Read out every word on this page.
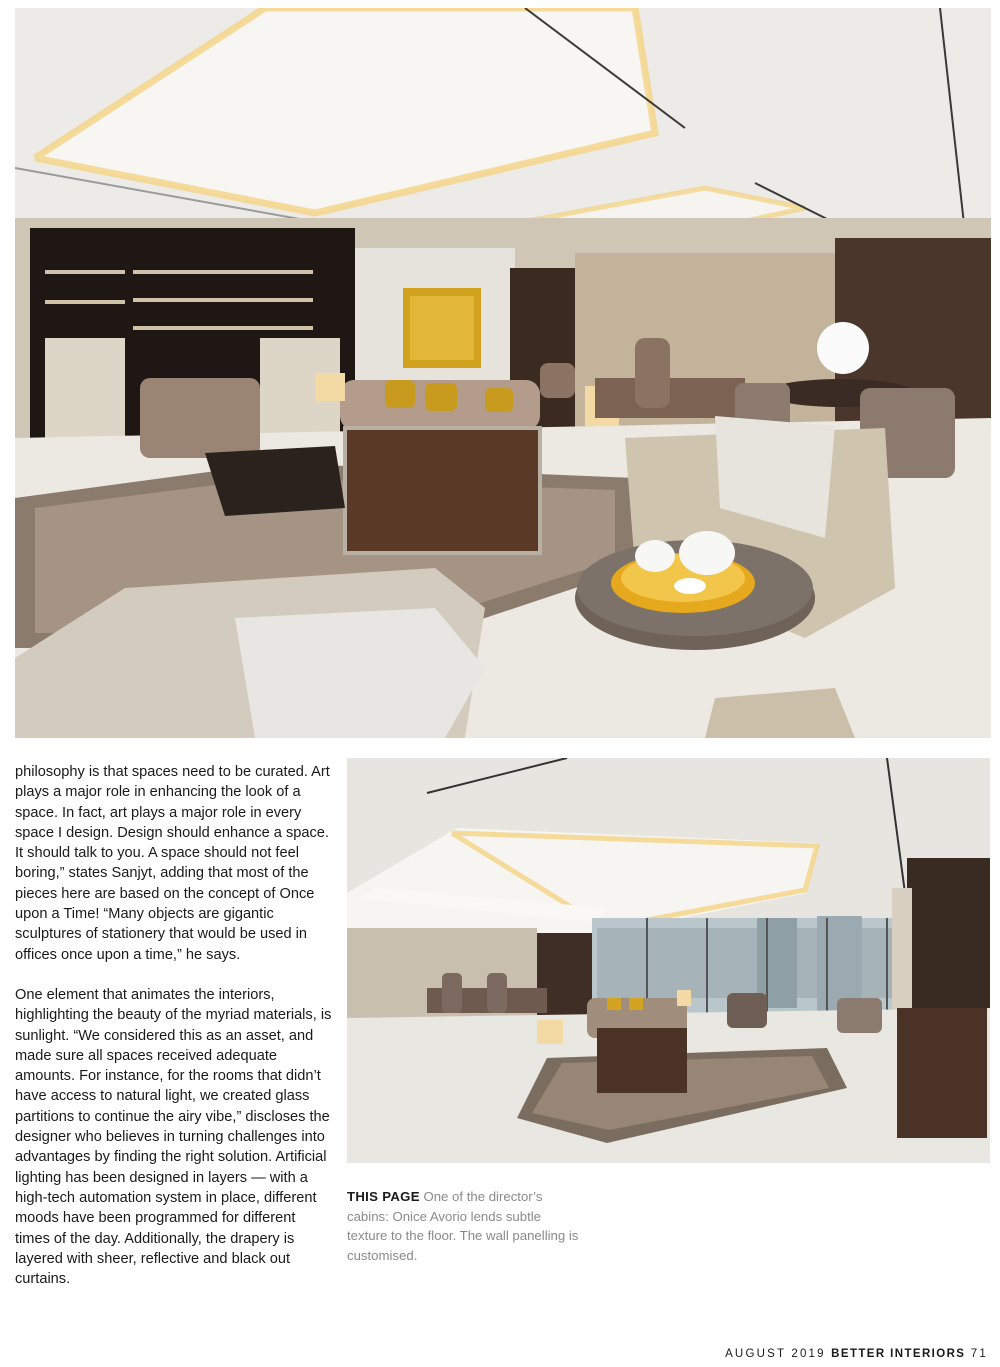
philosophy is that spaces need to be curated. Art plays a major role in enhancing the look of a space. In fact, art plays a major role in every space I design. Design should enhance a space. It should talk to you. A space should not feel boring,” states Sanjyt, adding that most of the pieces here are based on the concept of Once upon a Time! “Many objects are gigantic sculptures of stationery that would be used in offices once upon a time,” he says.

One element that animates the interiors, highlighting the beauty of the myriad materials, is sunlight. “We considered this as an asset, and made sure all spaces received adequate amounts. For instance, for the rooms that didn’t have access to natural light, we created glass partitions to continue the airy vibe,” discloses the designer who believes in turning challenges into advantages by finding the right solution. Artificial lighting has been designed in layers — with a high-tech automation system in place, different moods have been programmed for different times of the day. Additionally, the drapery is layered with sheer, reflective and black out curtains.

THIS PAGE One of the director’s cabins: Onice Avorio lends subtle texture to the floor. The wall panelling is customised.
AUGUST 2019 BETTER INTERIORS 71
